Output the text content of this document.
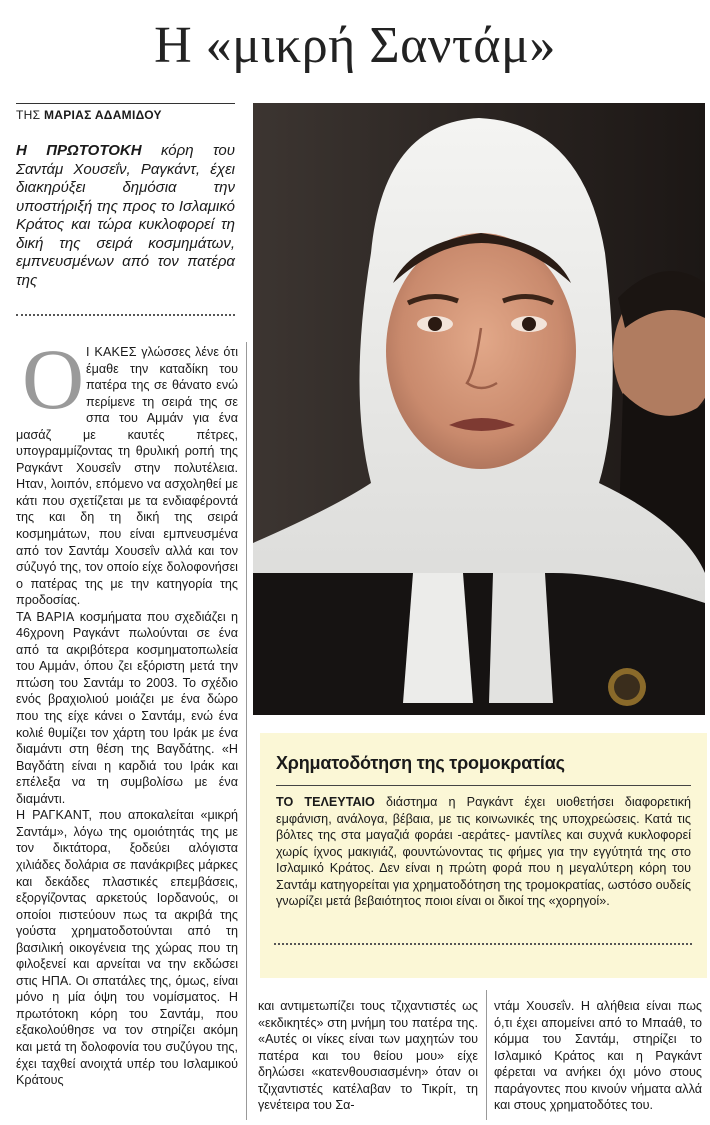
Η «μικρή Σαντάμ»
ΤΗΣ ΜΑΡΙΑΣ ΑΔΑΜΙΔΟΥ

Η ΠΡΩΤΟΤΟΚΗ κόρη του Σαντάμ Χουσεΐν, Ραγκάντ, έχει διακηρύξει δημόσια την υποστήριξή της προς το Ισλαμικό Κράτος και τώρα κυκλοφορεί τη δική της σειρά κοσμημάτων, εμπνευσμένων από τον πατέρα της

Ο Ι ΚΑΚΕΣ γλώσσες λένε ότι έμαθε την καταδίκη του πατέρα της σε θάνατο ενώ περίμενε τη σειρά της σε σπα του Αμμάν για ένα μασάζ με καυτές πέτρες, υπογραμμίζοντας τη θρυλική ροπή της Ραγκάντ Χουσεΐν στην πολυτέλεια. Ηταν, λοιπόν, επόμενο να ασχοληθεί με κάτι που σχετίζεται με τα ενδιαφέροντά της και δη τη δική της σειρά κοσμημάτων, που είναι εμπνευσμένα από τον Σαντάμ Χουσεΐν αλλά και τον σύζυγό της, τον οποίο είχε δολοφονήσει ο πατέρας της με την κατηγορία της προδοσίας.

ΤΑ ΒΑΡΙΑ κοσμήματα που σχεδιάζει η 46χρονη Ραγκάντ πωλούνται σε ένα από τα ακριβότερα κοσμηματοπωλεία του Αμμάν, όπου ζει εξόριστη μετά την πτώση του Σαντάμ το 2003. Το σχέδιο ενός βραχιολιού μοιάζει με ένα δώρο που της είχε κάνει ο Σαντάμ, ενώ ένα κολιέ θυμίζει τον χάρτη του Ιράκ με ένα διαμάντι στη θέση της Βαγδάτης. «Η Βαγδάτη είναι η καρδιά του Ιράκ και επέλεξα να τη συμβολίσω με ένα διαμάντι.

Η ΡΑΓΚΑΝΤ, που αποκαλείται «μικρή Σαντάμ», λόγω της ομοιότητάς της με τον δικτάτορα, ξοδεύει αλόγιστα χιλιάδες δολάρια σε πανάκριβες μάρκες και δεκάδες πλαστικές επεμβάσεις, εξοργίζοντας αρκετούς Ιορδανούς, οι οποίοι πιστεύουν πως τα ακριβά της γούστα χρηματοδοτούνται από τη βασιλική οικογένεια της χώρας που τη φιλοξενεί και αρνείται να την εκδώσει στις ΗΠΑ. Οι σπατάλες της, όμως, είναι μόνο η μία όψη του νομίσματος. Η πρωτότοκη κόρη του Σαντάμ, που εξακολούθησε να τον στηρίζει ακόμη και μετά τη δολοφονία του συζύγου της, έχει ταχθεί ανοιχτά υπέρ του Ισλαμικού Κράτους

Χρηματοδότηση της τρομοκρατίας

ΤΟ ΤΕΛΕΥΤΑΙΟ διάστημα η Ραγκάντ έχει υιοθετήσει διαφορετική εμφάνιση, ανάλογα, βέβαια, με τις κοινωνικές της υποχρεώσεις. Κατά τις βόλτες της στα μαγαζιά φοράει -αεράτες- μαντίλες και συχνά κυκλοφορεί χωρίς ίχνος μακιγιάζ, φουντώνοντας τις φήμες για την εγγύτητά της στο Ισλαμικό Κράτος. Δεν είναι η πρώτη φορά που η μεγαλύτερη κόρη του Σαντάμ κατηγορείται για χρηματοδότηση της τρομοκρατίας, ωστόσο ουδείς γνωρίζει μετά βεβαιότητος ποιοι είναι οι δικοί της «χορηγοί».

και αντιμετωπίζει τους τζιχαντιστές ως «εκδικητές» στη μνήμη του πατέρα της. «Αυτές οι νίκες είναι των μαχητών του πατέρα και του θείου μου» είχε δηλώσει «κατενθουσιασμένη» όταν οι τζιχαντιστές κατέλαβαν το Τικρίτ, τη γενέτειρα του Σα-

ντάμ Χουσεΐν. Η αλήθεια είναι πως ό,τι έχει απομείνει από το Μπαάθ, το κόμμα του Σαντάμ, στηρίζει το Ισλαμικό Κράτος και η Ραγκάντ φέρεται να ανήκει όχι μόνο στους παράγοντες που κινούν νήματα αλλά και στους χρηματοδότες του.
